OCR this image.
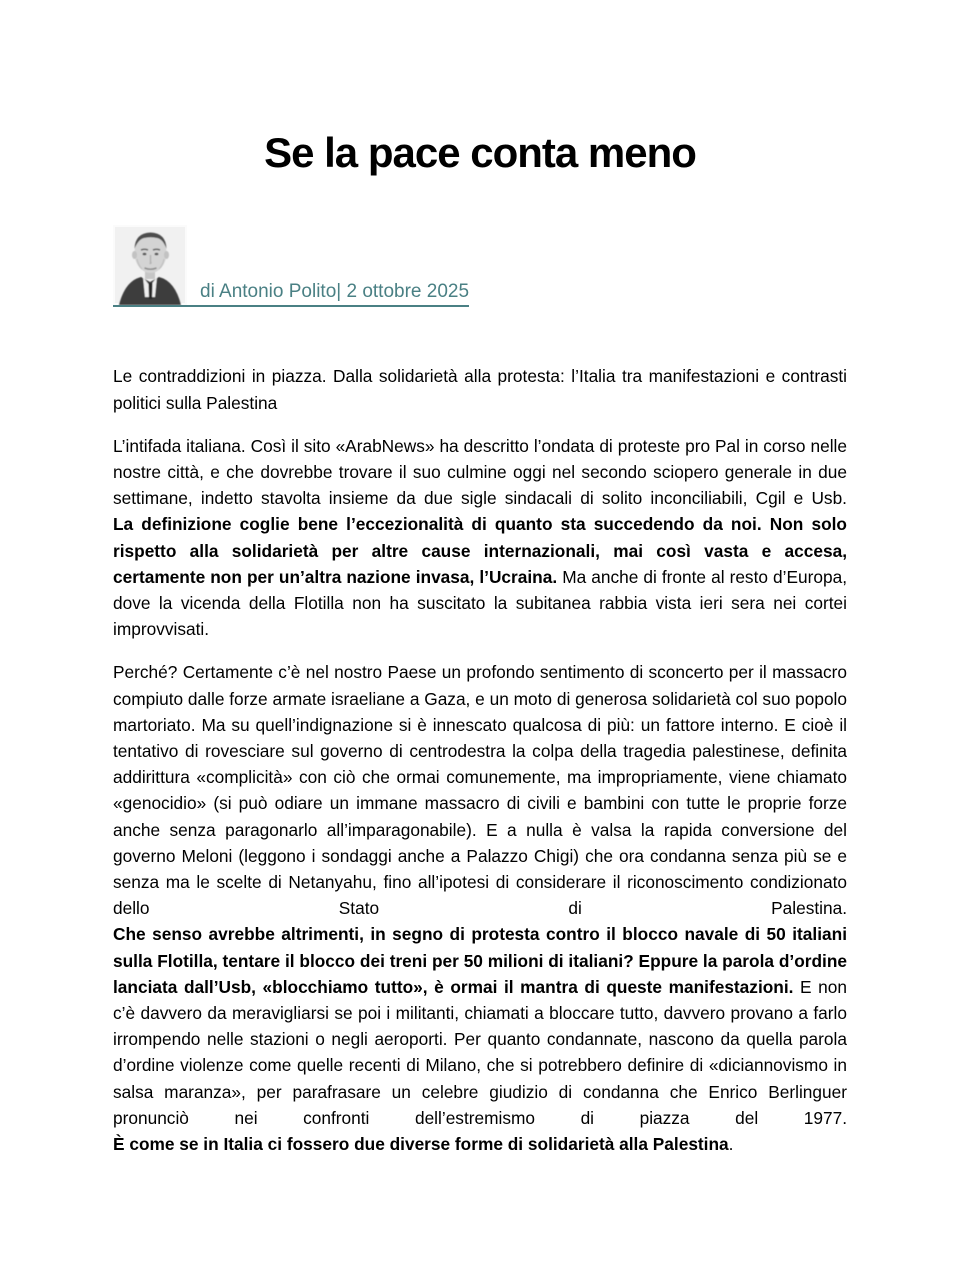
Se la pace conta meno
di Antonio Polito| 2 ottobre 2025

Le contraddizioni in piazza. Dalla solidarietà alla protesta: l’Italia tra manifestazioni e contrasti politici sulla Palestina

L’intifada italiana. Così il sito «ArabNews» ha descritto l’ondata di proteste pro Pal in corso nelle nostre città, e che dovrebbe trovare il suo culmine oggi nel secondo sciopero generale in due settimane, indetto stavolta insieme da due sigle sindacali di solito inconciliabili, Cgil e Usb.
La definizione coglie bene l’eccezionalità di quanto sta succedendo da noi. Non solo rispetto alla solidarietà per altre cause internazionali, mai così vasta e accesa, certamente non per un’altra nazione invasa, l’Ucraina. Ma anche di fronte al resto d’Europa, dove la vicenda della Flotilla non ha suscitato la subitanea rabbia vista ieri sera nei cortei improvvisati.

Perché? Certamente c’è nel nostro Paese un profondo sentimento di sconcerto per il massacro compiuto dalle forze armate israeliane a Gaza, e un moto di generosa solidarietà col suo popolo martoriato. Ma su quell’indignazione si è innescato qualcosa di più: un fattore interno. E cioè il tentativo di rovesciare sul governo di centrodestra la colpa della tragedia palestinese, definita addirittura «complicità» con ciò che ormai comunemente, ma impropriamente, viene chiamato «genocidio» (si può odiare un immane massacro di civili e bambini con tutte le proprie forze anche senza paragonarlo all’imparagonabile). E a nulla è valsa la rapida conversione del governo Meloni (leggono i sondaggi anche a Palazzo Chigi) che ora condanna senza più se e senza ma le scelte di Netanyahu, fino all’ipotesi di considerare il riconoscimento condizionato dello Stato di Palestina.
Che senso avrebbe altrimenti, in segno di protesta contro il blocco navale di 50 italiani sulla Flotilla, tentare il blocco dei treni per 50 milioni di italiani? Eppure la parola d’ordine lanciata dall’Usb, «blocchiamo tutto», è ormai il mantra di queste manifestazioni. E non c’è davvero da meravigliarsi se poi i militanti, chiamati a bloccare tutto, davvero provano a farlo irrompendo nelle stazioni o negli aeroporti. Per quanto condannate, nascono da quella parola d’ordine violenze come quelle recenti di Milano, che si potrebbero definire di «diciannovismo in salsa maranza», per parafrasare un celebre giudizio di condanna che Enrico Berlinguer pronunciò nei confronti dell’estremismo di piazza del 1977.
È come se in Italia ci fossero due diverse forme di solidarietà alla Palestina.
